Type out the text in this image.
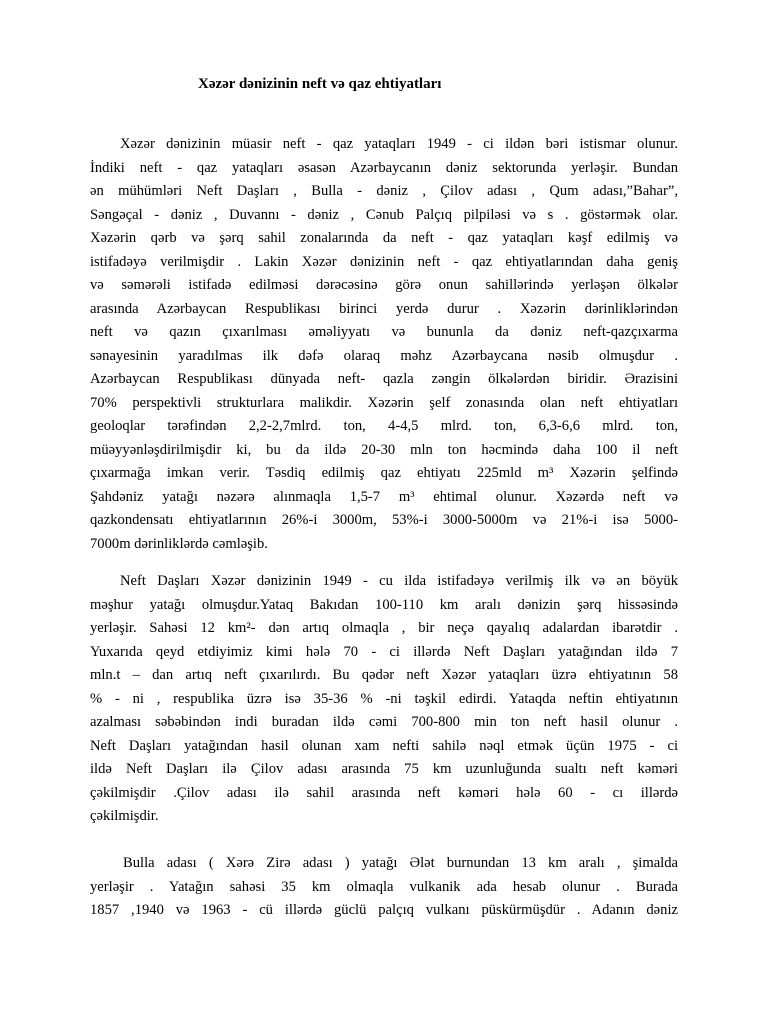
Xəzər dənizinin neft və qaz ehtiyatları
Xəzər dənizinin müasir neft - qaz yataqları 1949 - ci ildən bəri istismar olunur.
İndiki neft - qaz yataqları əsasən Azərbaycanın dəniz sektorunda yerləşir. Bundan
ən mühümləri Neft Daşları , Bulla - dəniz , Çilov adası , Qum adası,”Bahar”,
Səngəçal - dəniz , Duvannı - dəniz , Cənub Palçıq pilpiləsi və s . göstərmək olar.
Xəzərin qərb və şərq sahil zonalarında da neft - qaz yataqları kəşf edilmiş və
istifadəyə verilmişdir . Lakin Xəzər dənizinin neft - qaz ehtiyatlarından daha geniş
və səmərəli istifadə edilməsi dərəcəsinə görə onun sahillərində yerləşən ölkələr
arasında Azərbaycan Respublikası birinci yerdə durur . Xəzərin dərinliklərindən
neft və qazın çıxarılması əməliyyatı və bununla da dəniz neft-qazçıxarma
sənayesinin yaradılmas ilk dəfə olaraq məhz Azərbaycana nəsib olmuşdur .
Azərbaycan Respublikası dünyada neft- qazla zəngin ölkələrdən biridir. Ərazisini
70% perspektivli strukturlara malikdir. Xəzərin şelf zonasında olan neft ehtiyatları
geoloqlar tərəfindən 2,2-2,7mlrd. ton, 4-4,5 mlrd. ton, 6,3-6,6 mlrd. ton,
müəyyənləşdirilmişdir ki, bu da ildə 20-30 mln ton həcmində daha 100 il neft
çıxarmağa imkan verir. Təsdiq edilmiş qaz ehtiyatı 225mld m³ Xəzərin şelfində
Şahdəniz yatağı nəzərə alınmaqla 1,5-7 m³ ehtimal olunur. Xəzərdə neft və
qazkondensatı ehtiyatlarının 26%-i 3000m, 53%-i 3000-5000m və 21%-i isə 5000-
7000m dərinliklərdə cəmləşib.
Neft Daşları Xəzər dənizinin 1949 - cu ilda istifadəyə verilmiş ilk və ən böyük
məşhur yatağı olmuşdur.Yataq Bakıdan 100-110 km aralı dənizin şərq hissəsində
yerləşir. Sahəsi 12 km²- dən artıq olmaqla , bir neçə qayalıq adalardan ibarətdir .
Yuxarıda qeyd etdiyimiz kimi hələ 70 - ci illərdə Neft Daşları yatağından ildə 7
mln.t – dan artıq neft çıxarılırdı. Bu qədər neft Xəzər yataqları üzrə ehtiyatının 58
% - ni , respublika üzrə isə 35-36 % -ni təşkil edirdi. Yataqda neftin ehtiyatının
azalması səbəbindən indi buradan ildə cəmi 700-800 min ton neft hasil olunur .
Neft Daşları yatağından hasil olunan xam nefti sahilə nəql etmək üçün 1975 - ci
ildə Neft Daşları ilə Çilov adası arasında 75 km uzunluğunda sualtı neft kəməri
çəkilmişdir .Çilov adası ilə sahil arasında neft kəməri hələ 60 - cı illərdə
çəkilmişdir.
Bulla adası ( Xərə Zirə adası ) yatağı Ələt burnundan 13 km aralı , şimalda
yerləşir . Yatağın sahəsi 35 km olmaqla vulkanik ada hesab olunur . Burada
1857 ,1940 və 1963 - cü illərdə güclü palçıq vulkanı püskürmüşdür . Adanın dəniz
